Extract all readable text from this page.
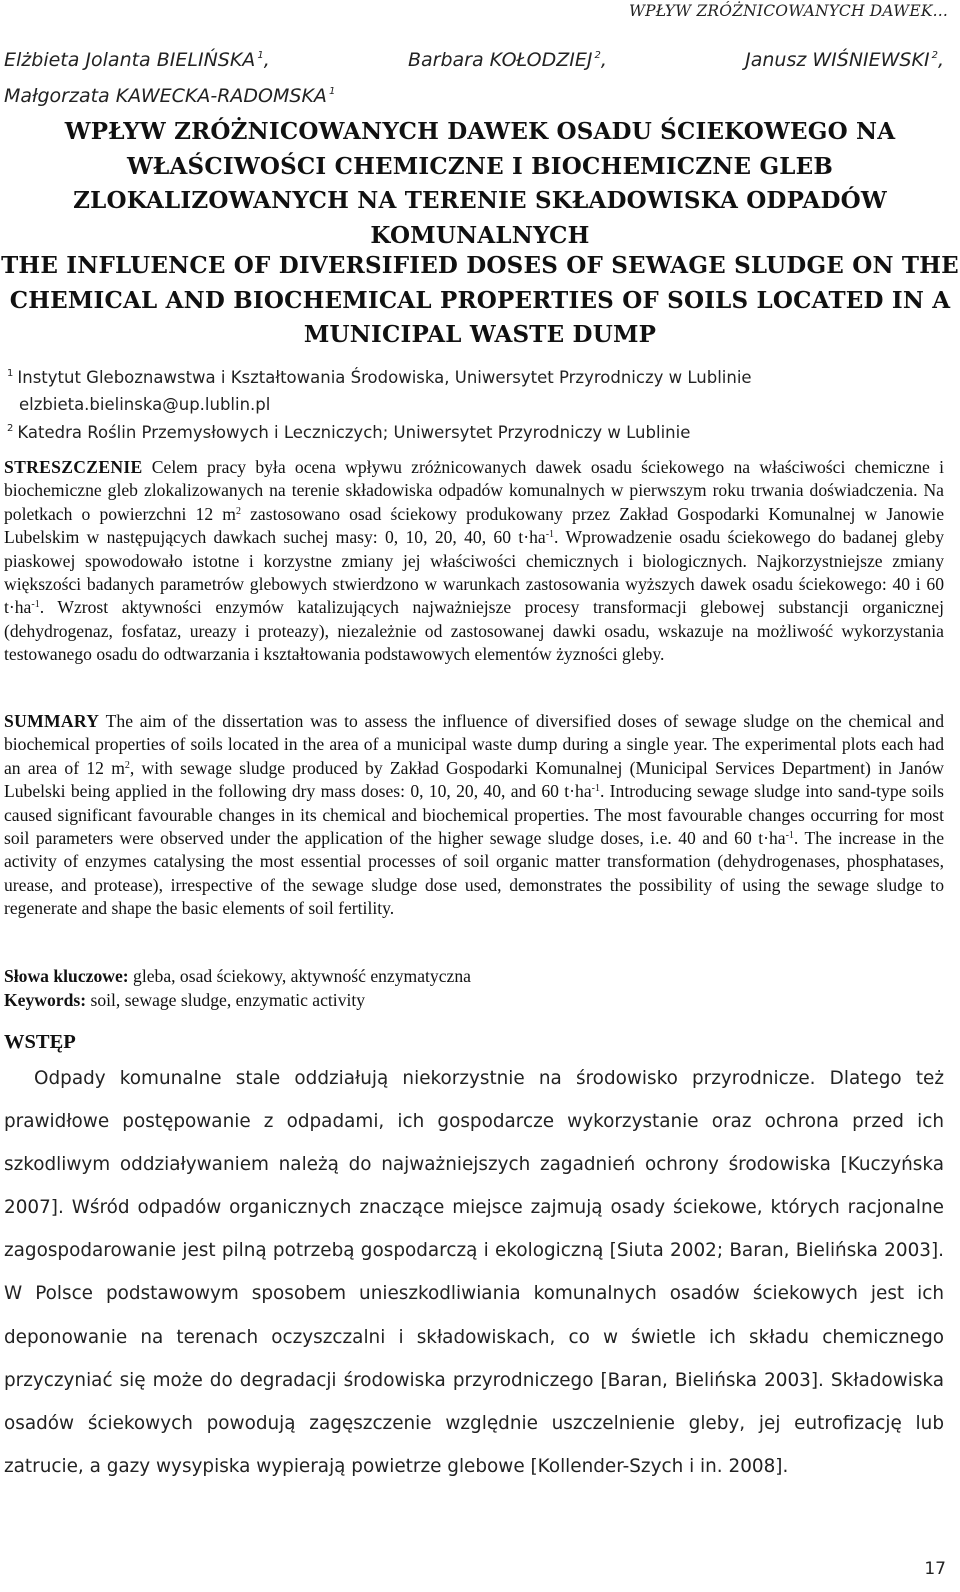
WPŁYW ZRÓŻNICOWANYCH DAWEK...
Elżbieta Jolanta BIELIŃSKA $^1$,	Barbara KOŁODZIEJ $^2$,	Janusz WIŚNIEWSKI $^2$,
Małgorzata KAWECKA-RADOMSKA $^1$
WPŁYW ZRÓŻNICOWANYCH DAWEK OSADU ŚCIEKOWEGO NA WŁAŚCIWOŚCI CHEMICZNE I BIOCHEMICZNE GLEB ZLOKALIZOWANYCH NA TERENIE SKŁADOWISKA ODPADÓW KOMUNALNYCH
THE INFLUENCE OF DIVERSIFIED DOSES OF SEWAGE SLUDGE ON THE CHEMICAL AND BIOCHEMICAL PROPERTIES OF SOILS LOCATED IN A MUNICIPAL WASTE DUMP
$^1$ Instytut Gleboznawstwa i Kształtowania Środowiska, Uniwersytet Przyrodniczy w Lublinie
elzbieta.bielinska@up.lublin.pl
$^2$ Katedra Roślin Przemysłowych i Leczniczych; Uniwersytet Przyrodniczy w Lublinie
STRESZCZENIE Celem pracy była ocena wpływu zróżnicowanych dawek osadu ściekowego na właściwości chemiczne i biochemiczne gleb zlokalizowanych na terenie składowiska odpadów komunalnych w pierwszym roku trwania doświadczenia. Na poletkach o powierzchni 12 $m^2$ zastosowano osad ściekowy produkowany przez Zakład Gospodarki Komunalnej w Janowie Lubelskim w następujących dawkach suchej masy: 0, 10, 20, 40, 60 $t\cdot ha^{-1}$. Wprowadzenie osadu ściekowego do badanej gleby piaskowej spowodowało istotne i korzystne zmiany jej właściwości chemicznych i biologicznych. Najkorzystniejsze zmiany większości badanych parametrów glebowych stwierdzono w warunkach zastosowania wyższych dawek osadu ściekowego: 40 i 60 $t\cdot ha^{-1}$. Wzrost aktywności enzymów katalizujących najważniejsze procesy transformacji glebowej substancji organicznej (dehydrogenaz, fosfataz, ureazy i proteazy), niezależnie od zastosowanej dawki osadu, wskazuje na możliwość wykorzystania testowanego osadu do odtwarzania i kształtowania podstawowych elementów żyzności gleby.
SUMMARY The aim of the dissertation was to assess the influence of diversified doses of sewage sludge on the chemical and biochemical properties of soils located in the area of a municipal waste dump during a single year. The experimental plots each had an area of 12 $m^2$, with sewage sludge produced by Zakład Gospodarki Komunalnej (Municipal Services Department) in Janów Lubelski being applied in the following dry mass doses: 0, 10, 20, 40, and 60 $t\cdot ha^{-1}$. Introducing sewage sludge into sand-type soils caused significant favourable changes in its chemical and biochemical properties. The most favourable changes occurring for most soil parameters were observed under the application of the higher sewage sludge doses, i.e. 40 and 60 $t\cdot ha^{-1}$. The increase in the activity of enzymes catalysing the most essential processes of soil organic matter transformation (dehydrogenases, phosphatases, urease, and protease), irrespective of the sewage sludge dose used, demonstrates the possibility of using the sewage sludge to regenerate and shape the basic elements of soil fertility.
Słowa kluczowe: gleba, osad ściekowy, aktywność enzymatyczna
Keywords: soil, sewage sludge, enzymatic activity
WSTĘP

Odpady komunalne stale oddziałują niekorzystnie na środowisko przyrodnicze. Dlatego też prawidłowe postępowanie z odpadami, ich gospodarcze wykorzystanie oraz ochrona przed ich szkodliwym oddziaływaniem należą do najważniejszych zagadnień ochrony środowiska [Kuczyńska 2007]. Wśród odpadów organicznych znaczące miejsce zajmują osady ściekowe, których racjonalne zagospodarowanie jest pilną potrzebą gospodarczą i ekologiczną [Siuta 2002; Baran, Bielińska 2003]. W Polsce podstawowym sposobem unieszkodliwiania komunalnych osadów ściekowych jest ich deponowanie na terenach oczyszczalni i składowiskach, co w świetle ich składu chemicznego przyczyniać się może do degradacji środowiska przyrodniczego [Baran, Bielińska 2003]. Składowiska osadów ściekowych powodują zagęszczenie względnie uszczelnienie gleby, jej eutrofizację lub zatrucie, a gazy wysypiska wypierają powietrze glebowe [Kollender-Szych i in. 2008].

17
